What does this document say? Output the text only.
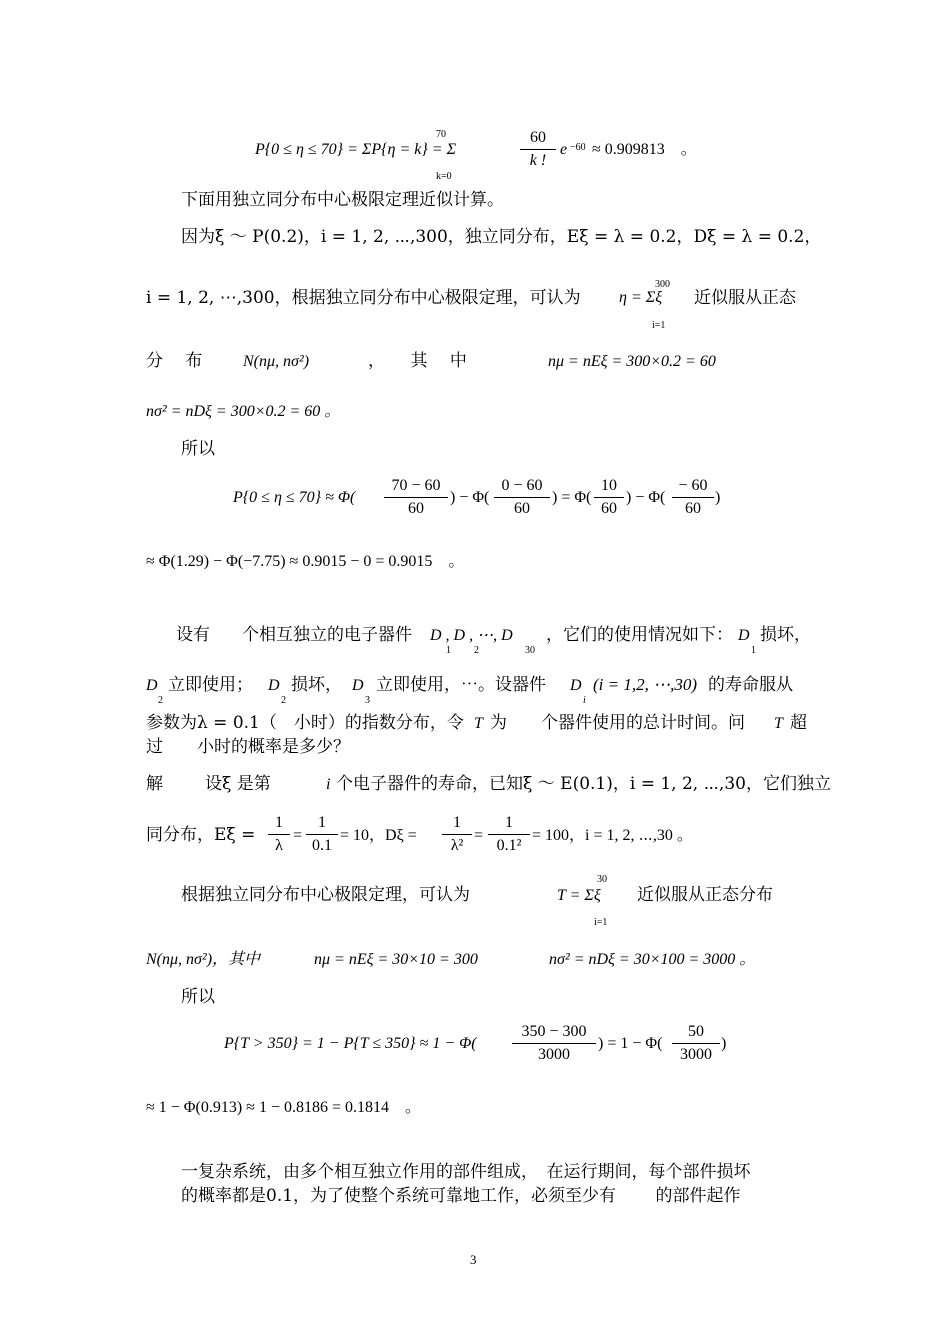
P{0 ≤ η ≤ 70} = ΣP{η = k} = Σ
70
k=0
60
k !
e −60 ≈ 0.909813　。
下面用独立同分布中心极限定理近似计算。
因为ξ ～ P(0.2)，i = 1, 2, ⋯,300，独立同分布，Eξ = λ = 0.2，Dξ = λ = 0.2，
i = 1, 2, ⋯,300，根据独立同分布中心极限定理，可认为 η = Σξ
300
i=1
近似服从正态
分　 布	N(nμ, nσ²)	，　　其　 中	nμ = nEξ = 300×0.2 = 60
nσ² = nDξ = 300×0.2 = 60 。
所以
P{0 ≤ η ≤ 70} ≈ Φ(
70 − 60
60
) − Φ(
0 − 60
60
) = Φ(
10
60
) − Φ(
− 60
60
)
≈ Φ(1.29) − Φ(−7.75) ≈ 0.9015 − 0 = 0.9015　。
设有 个相互独立的电子器件 D , D , ⋯, D
1 2	30
，它们的使用情况如下： D
1
损坏，
D
2
立即使用； D
2
损坏， D
3
立即使用，⋯。设器件 D
i
(i = 1,2, ⋯,30) 的寿命服从
参数为λ = 0.1（　小时）的指数分布，令 T 为　　个器件使用的总计时间。问 T 超
过　　小时的概率是多少？
解 设ξ 是第	i 个电子器件的寿命，已知ξ ～ E(0.1)，i = 1, 2, ⋯,30，它们独立
同分布，Eξ =
1
λ
=
1
0.1
= 10，Dξ =
1
λ²
=
1
0.1²
= 100，i = 1, 2, ⋯,30 。
根据独立同分布中心极限定理，可认为	T = Σξ
30
i=1
近似服从正态分布
N(nμ, nσ²)，其中	nμ = nEξ = 30×10 = 300	nσ² = nDξ = 30×100 = 3000 。
所以
P{T > 350} = 1 − P{T ≤ 350} ≈ 1 − Φ(
350 − 300
3000
) = 1 − Φ(
50
3000
)
≈ 1 − Φ(0.913) ≈ 1 − 0.8186 = 0.1814　。
一复杂系统，由多个相互独立作用的部件组成，　在运行期间，每个部件损坏
的概率都是0.1，为了使整个系统可靠地工作，必须至少有　　 的部件起作
3
